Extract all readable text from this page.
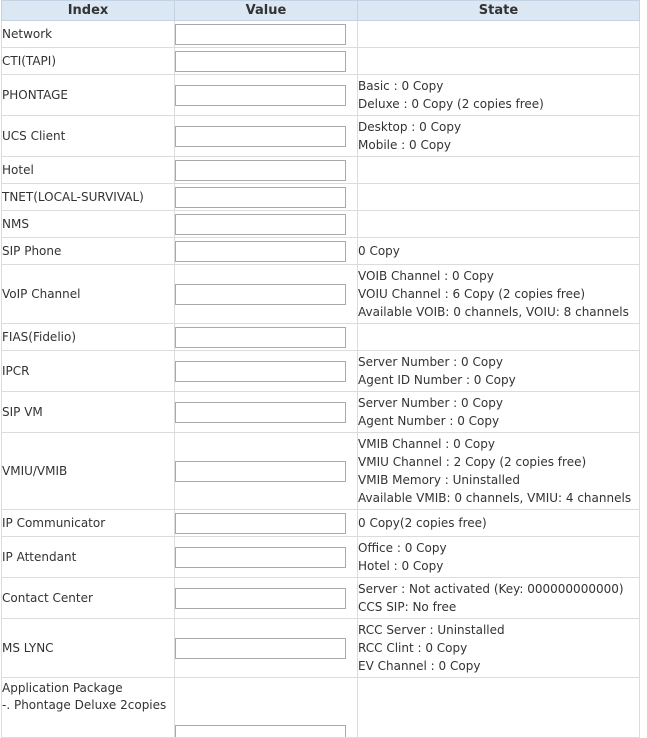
Index	Value	State

Network

CTI(TAPI)

PHONTAGE		Basic : 0 Copy
Deluxe : 0 Copy (2 copies free)

UCS Client		Desktop : 0 Copy
Mobile : 0 Copy

Hotel

TNET(LOCAL-SURVIVAL)

NMS

SIP Phone		0 Copy

VoIP Channel		VOIB Channel : 0 Copy
VOIU Channel : 6 Copy (2 copies free)
Available VOIB: 0 channels, VOIU: 8 channels

FIAS(Fidelio)

IPCR		Server Number : 0 Copy
Agent ID Number : 0 Copy

SIP VM		Server Number : 0 Copy
Agent Number : 0 Copy

VMIU/VMIB		VMIB Channel : 0 Copy
VMIU Channel : 2 Copy (2 copies free)
VMIB Memory : Uninstalled
Available VMIB: 0 channels, VMIU: 4 channels

IP Communicator		0 Copy(2 copies free)

IP Attendant		Office : 0 Copy
Hotel : 0 Copy

Contact Center		Server : Not activated (Key: 000000000000)
CCS SIP: No free

MS LYNC		RCC Server : Uninstalled
RCC Clint : 0 Copy
EV Channel : 0 Copy

Application Package
-. Phontage Deluxe 2copies
